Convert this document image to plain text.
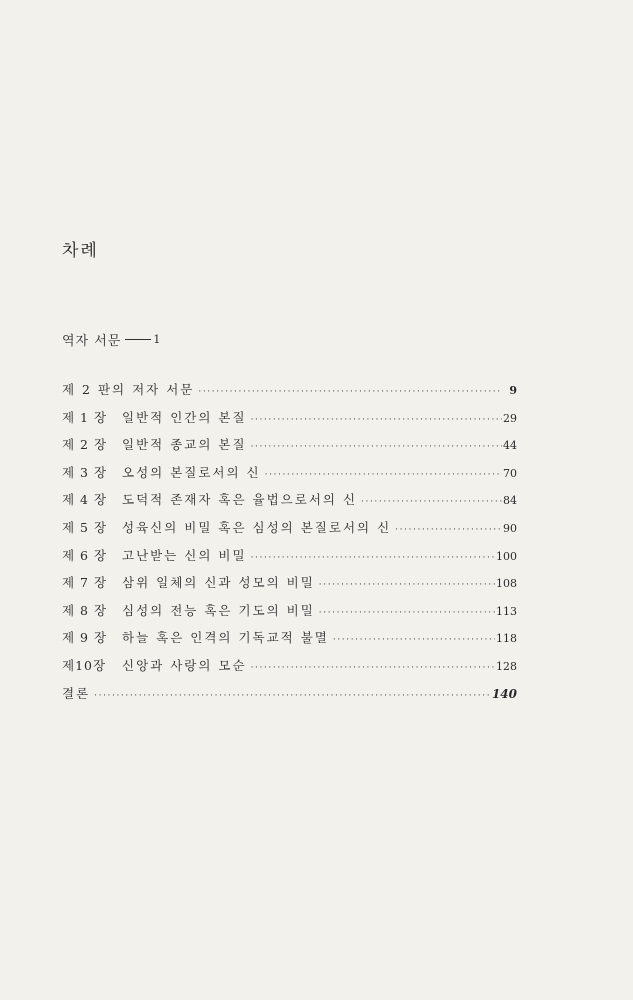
차례
역자 서문	1
제 2 판의 저자 서문 ·····	9
제 1 장	일반적 인간의 본질 ·····	29
제 2 장	일반적 종교의 본질 ·····	44
제 3 장	오성의 본질로서의 신 ·····	70
제 4 장	도덕적 존재자 혹은 율법으로서의 신 ·····	84
제 5 장	성육신의 비밀 혹은 심성의 본질로서의 신 ·····	90
제 6 장	고난받는 신의 비밀 ·····	100
제 7 장	삼위 일체의 신과 성모의 비밀 ·····	108
제 8 장	심성의 전능 혹은 기도의 비밀 ·····	113
제 9 장	하늘 혹은 인격의 기독교적 불멸 ·····	118
제10장	신앙과 사랑의 모순 ·····	128
결론 ·····	140
